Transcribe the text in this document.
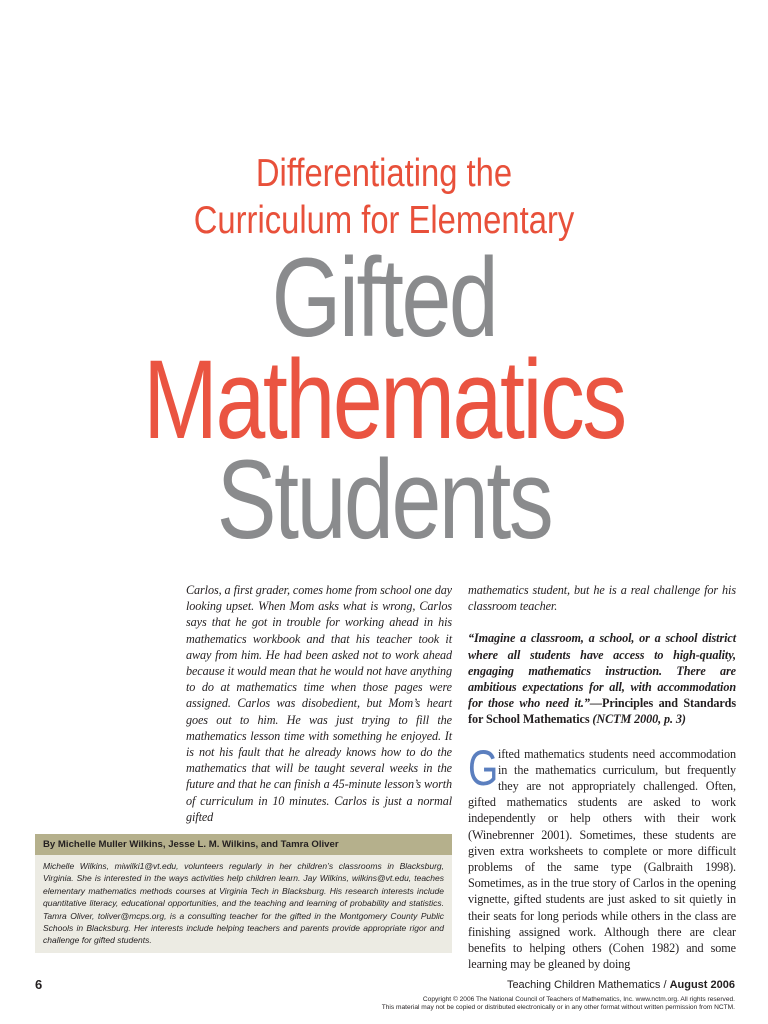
Differentiating the
Curriculum for Elementary
Gifted
Mathematics
Students

Carlos, a first grader, comes home from school one day looking upset. When Mom asks what is wrong, Carlos says that he got in trouble for working ahead in his mathematics workbook and that his teacher took it away from him. He had been asked not to work ahead because it would mean that he would not have anything to do at mathematics time when those pages were assigned. Carlos was disobedient, but Mom’s heart goes out to him. He was just trying to fill the mathematics lesson time with something he enjoyed. It is not his fault that he already knows how to do the mathematics that will be taught several weeks in the future and that he can finish a 45-minute lesson’s worth of curriculum in 10 minutes. Carlos is just a normal gifted

mathematics student, but he is a real challenge for his classroom teacher.

“Imagine a classroom, a school, or a school district where all students have access to high-quality, engaging mathematics instruction. There are ambitious expectations for all, with accommodation for those who need it.”—Principles and Standards for School Mathematics (NCTM 2000, p. 3)

Gifted mathematics students need accommodation in the mathematics curriculum, but frequently they are not appropriately challenged. Often, gifted mathematics students are asked to work independently or help others with their work (Winebrenner 2001). Sometimes, these students are given extra worksheets to complete or more difficult problems of the same type (Galbraith 1998). Sometimes, as in the true story of Carlos in the opening vignette, gifted students are just asked to sit quietly in their seats for long periods while others in the class are finishing assigned work. Although there are clear benefits to helping others (Cohen 1982) and some learning may be gleaned by doing

By Michelle Muller Wilkins, Jesse L. M. Wilkins, and Tamra Oliver
Michelle Wilkins, miwilki1@vt.edu, volunteers regularly in her children’s classrooms in Blacksburg, Virginia. She is interested in the ways activities help children learn. Jay Wilkins, wilkins@vt.edu, teaches elementary mathematics methods courses at Virginia Tech in Blacksburg. His research interests include quantitative literacy, educational opportunities, and the teaching and learning of probability and statistics. Tamra Oliver, toliver@mcps.org, is a consulting teacher for the gifted in the Montgomery County Public Schools in Blacksburg. Her interests include helping teachers and parents provide appropriate rigor and challenge for gifted students.
6	Teaching Children Mathematics / August 2006
Copyright © 2006 The National Council of Teachers of Mathematics, Inc. www.nctm.org. All rights reserved.
This material may not be copied or distributed electronically or in any other format without written permission from NCTM.
